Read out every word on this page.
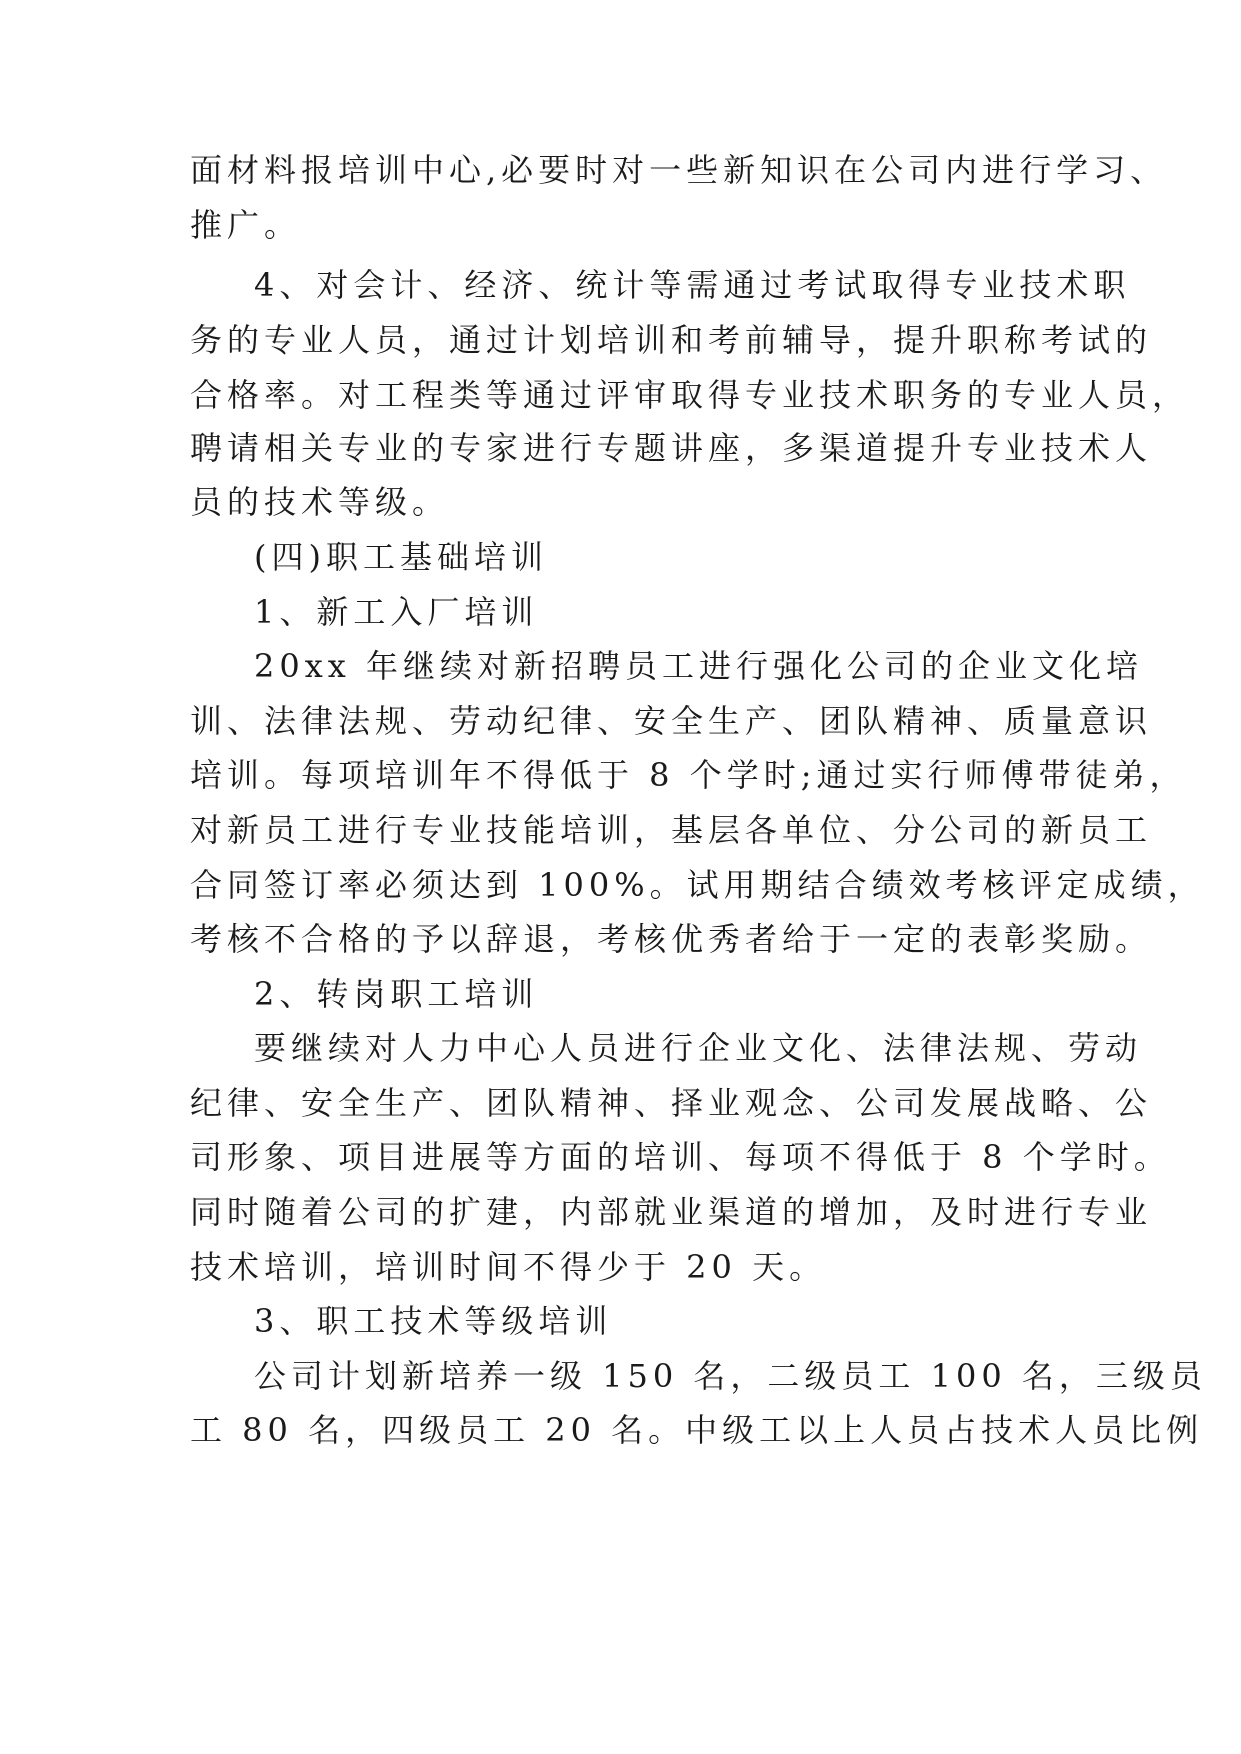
面材料报培训中心,必要时对一些新知识在公司内进行学习、
推广。
4、对会计、经济、统计等需通过考试取得专业技术职
务的专业人员，通过计划培训和考前辅导，提升职称考试的
合格率。对工程类等通过评审取得专业技术职务的专业人员，
聘请相关专业的专家进行专题讲座，多渠道提升专业技术人
员的技术等级。
(四)职工基础培训
1、新工入厂培训
20xx 年继续对新招聘员工进行强化公司的企业文化培
训、法律法规、劳动纪律、安全生产、团队精神、质量意识
培训。每项培训年不得低于 8 个学时;通过实行师傅带徒弟，
对新员工进行专业技能培训，基层各单位、分公司的新员工
合同签订率必须达到 100%。试用期结合绩效考核评定成绩，
考核不合格的予以辞退，考核优秀者给于一定的表彰奖励。
2、转岗职工培训
要继续对人力中心人员进行企业文化、法律法规、劳动
纪律、安全生产、团队精神、择业观念、公司发展战略、公
司形象、项目进展等方面的培训、每项不得低于 8 个学时。
同时随着公司的扩建，内部就业渠道的增加，及时进行专业
技术培训，培训时间不得少于 20 天。
3、职工技术等级培训
公司计划新培养一级 150 名，二级员工 100 名，三级员
工 80 名，四级员工 20 名。中级工以上人员占技术人员比例
